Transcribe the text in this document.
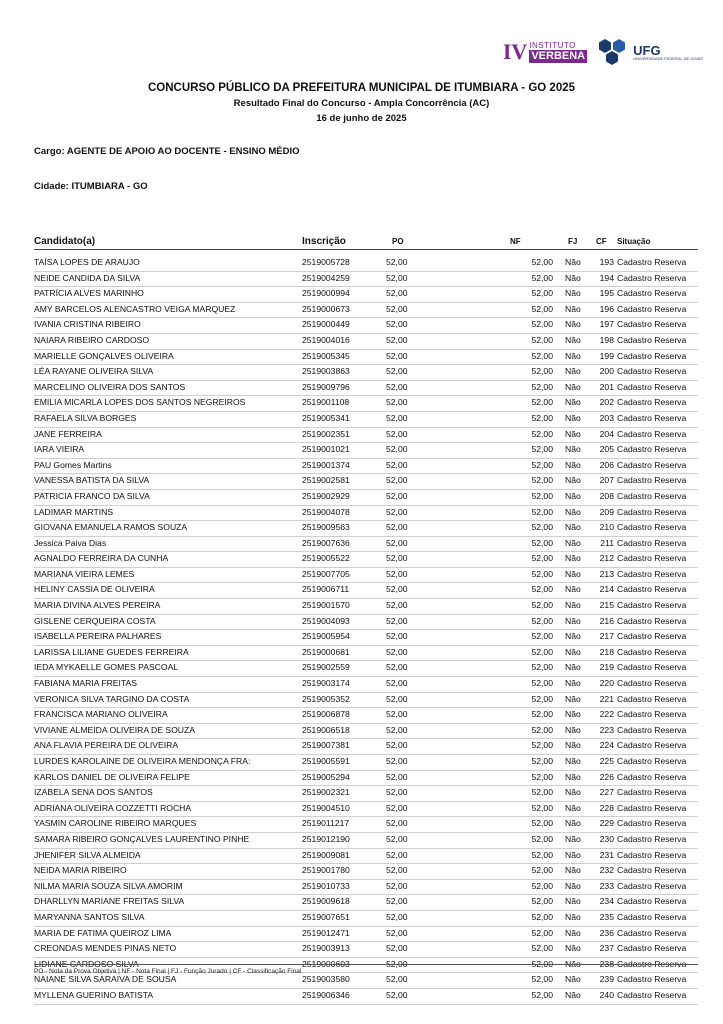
IV INSTITUTO
VERBENA	UFG
UNIVERSIDADE FEDERAL DE GOIÁS
CONCURSO PÚBLICO DA PREFEITURA MUNICIPAL DE ITUMBIARA - GO 2025
Resultado Final do Concurso - Ampla Concorrência (AC)
16 de junho de 2025
Cargo: AGENTE DE APOIO AO DOCENTE - ENSINO MÉDIO
Cidade: ITUMBIARA - GO
Candidato(a)	Inscrição	PO	NF	FJ CF Situação
TAÍSA LOPES DE ARAUJO	2519005728	52,00	52,00 Não	193 Cadastro Reserva
NEIDE CANDIDA DA SILVA	2519004259	52,00	52,00 Não	194 Cadastro Reserva
PATRÍCIA ALVES MARINHO	2519000994	52,00	52,00 Não	195 Cadastro Reserva
AMY BARCELOS ALENCASTRO VEIGA MARQUEZ	2519000673	52,00	52,00 Não	196 Cadastro Reserva
IVANIA CRISTINA RIBEIRO	2519000449	52,00	52,00 Não	197 Cadastro Reserva
NAIARA RIBEIRO CARDOSO	2519004016	52,00	52,00 Não	198 Cadastro Reserva
MARIELLE GONÇALVES OLIVEIRA	2519005345	52,00	52,00 Não	199 Cadastro Reserva
LÉA RAYANE OLIVEIRA SILVA	2519003863	52,00	52,00 Não	200 Cadastro Reserva
MARCELINO OLIVEIRA DOS SANTOS	2519009796	52,00	52,00 Não	201 Cadastro Reserva
EMILIA MICARLA LOPES DOS SANTOS NEGREIROS	2519001108	52,00	52,00 Não	202 Cadastro Reserva
RAFAELA SILVA BORGES	2519005341	52,00	52,00 Não	203 Cadastro Reserva
JANE FERREIRA	2519002351	52,00	52,00 Não	204 Cadastro Reserva
IARA VIEIRA	2519001021	52,00	52,00 Não	205 Cadastro Reserva
PAU Gomes Martins	2519001374	52,00	52,00 Não	206 Cadastro Reserva
VANESSA BATISTA DA SILVA	2519002581	52,00	52,00 Não	207 Cadastro Reserva
PATRICIA FRANCO DA SILVA	2519002929	52,00	52,00 Não	208 Cadastro Reserva
LADIMAR MARTINS	2519004078	52,00	52,00 Não	209 Cadastro Reserva
GIOVANA EMANUELA RAMOS SOUZA	2519009563	52,00	52,00 Não	210 Cadastro Reserva
Jessica Paiva Dias	2519007636	52,00	52,00 Não	211 Cadastro Reserva
AGNALDO FERREIRA DA CUNHA	2519005522	52,00	52,00 Não	212 Cadastro Reserva
MARIANA VIEIRA LEMES	2519007705	52,00	52,00 Não	213 Cadastro Reserva
HELINY CASSIA DE OLIVEIRA	2519006711	52,00	52,00 Não	214 Cadastro Reserva
MARIA DIVINA ALVES PEREIRA	2519001570	52,00	52,00 Não	215 Cadastro Reserva
GISLENE CERQUEIRA COSTA	2519004093	52,00	52,00 Não	216 Cadastro Reserva
ISABELLA PEREIRA PALHARES	2519005954	52,00	52,00 Não	217 Cadastro Reserva
LARISSA LILIANE GUEDES FERREIRA	2519000681	52,00	52,00 Não	218 Cadastro Reserva
IEDA MYKAELLE GOMES PASCOAL	2519002559	52,00	52,00 Não	219 Cadastro Reserva
FABIANA MARIA FREITAS	2519003174	52,00	52,00 Não	220 Cadastro Reserva
VERONICA SILVA TARGINO DA COSTA	2519005352	52,00	52,00 Não	221 Cadastro Reserva
FRANCISCA MARIANO OLIVEIRA	2519006878	52,00	52,00 Não	222 Cadastro Reserva
VIVIANE ALMEIDA OLIVEIRA DE SOUZA	2519006518	52,00	52,00 Não	223 Cadastro Reserva
ANA FLAVIA PEREIRA DE OLIVEIRA	2519007381	52,00	52,00 Não	224 Cadastro Reserva
LURDES KAROLAINE DE OLIVEIRA MENDONÇA FRA:	2519005591	52,00	52,00 Não	225 Cadastro Reserva
KARLOS DANIEL DE OLIVEIRA FELIPE	2519005294	52,00	52,00 Não	226 Cadastro Reserva
IZABELA SENA DOS SANTOS	2519002321	52,00	52,00 Não	227 Cadastro Reserva
ADRIANA OLIVEIRA COZZETTI ROCHA	2519004510	52,00	52,00 Não	228 Cadastro Reserva
YASMIN CAROLINE RIBEIRO MARQUES	2519011217	52,00	52,00 Não	229 Cadastro Reserva
SAMARA RIBEIRO GONÇALVES LAURENTINO PINHE	2519012190	52,00	52,00 Não	230 Cadastro Reserva
JHENIFER SILVA ALMEIDA	2519009081	52,00	52,00 Não	231 Cadastro Reserva
NEIDA MARIA RIBEIRO	2519001780	52,00	52,00 Não	232 Cadastro Reserva
NILMA MARIA SOUZA SILVA AMORIM	2519010733	52,00	52,00 Não	233 Cadastro Reserva
DHARLLYN MARIANE FREITAS SILVA	2519009618	52,00	52,00 Não	234 Cadastro Reserva
MARYANNA SANTOS SILVA	2519007651	52,00	52,00 Não	235 Cadastro Reserva
MARIA DE FATIMA QUEIROZ LIMA	2519012471	52,00	52,00 Não	236 Cadastro Reserva
CREONDAS MENDES PINAS NETO	2519003913	52,00	52,00 Não	237 Cadastro Reserva
LIDIANE CARDOSO SILVA	2519000603	52,00	52,00 Não	238 Cadastro Reserva
NAIANE SILVA SARAIVA DE SOUSA	2519003580	52,00	52,00 Não	239 Cadastro Reserva
MYLLENA GUERINO BATISTA	2519006346	52,00	52,00 Não	240 Cadastro Reserva
PO - Nota da Prova Objetiva | NF - Nota Final | FJ - Função Jurado | CF - Classificação Final
